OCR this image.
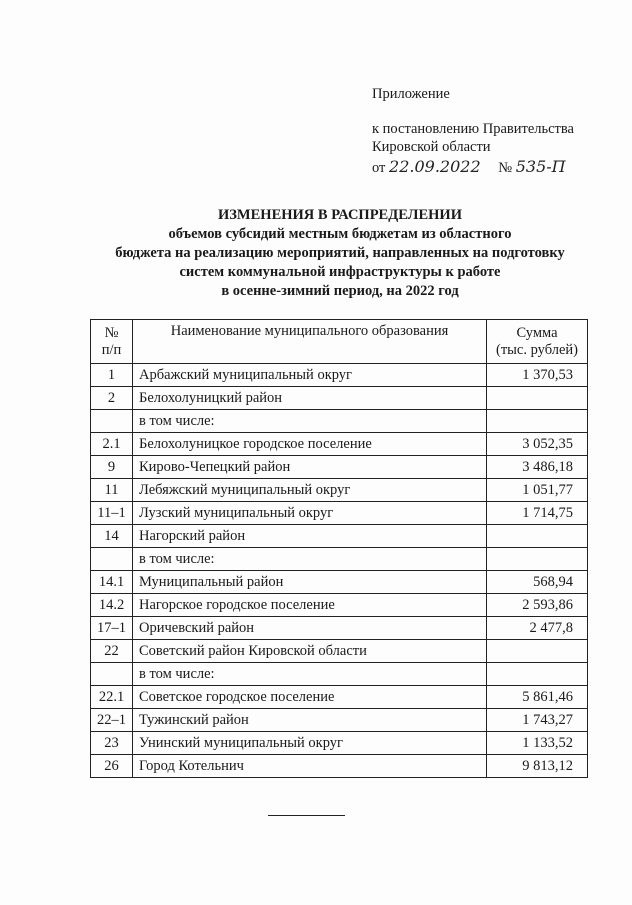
Приложение
к постановлению Правительства
Кировской области
от 22.09.2022 № 535-П
ИЗМЕНЕНИЯ В РАСПРЕДЕЛЕНИИ
объемов субсидий местным бюджетам из областного
бюджета на реализацию мероприятий, направленных на подготовку
систем коммунальной инфраструктуры к работе
в осенне-зимний период, на 2022 год
№
п/п	Наименование муниципального образования	Сумма
(тыс. рублей)
1	Арбажский муниципальный округ	1 370,53
2	Белохолуницкий район	
	в том числе:	
2.1	Белохолуницкое городское поселение	3 052,35
9	Кирово-Чепецкий район	3 486,18
11	Лебяжский муниципальный округ	1 051,77
11–1	Лузский муниципальный округ	1 714,75
14	Нагорский район	
	в том числе:	
14.1	Муниципальный район	568,94
14.2	Нагорское городское поселение	2 593,86
17–1	Оричевский район	2 477,8
22	Советский район Кировской области	
	в том числе:	
22.1	Советское городское поселение	5 861,46
22–1	Тужинский район	1 743,27
23	Унинский муниципальный округ	1 133,52
26	Город Котельнич	9 813,12
